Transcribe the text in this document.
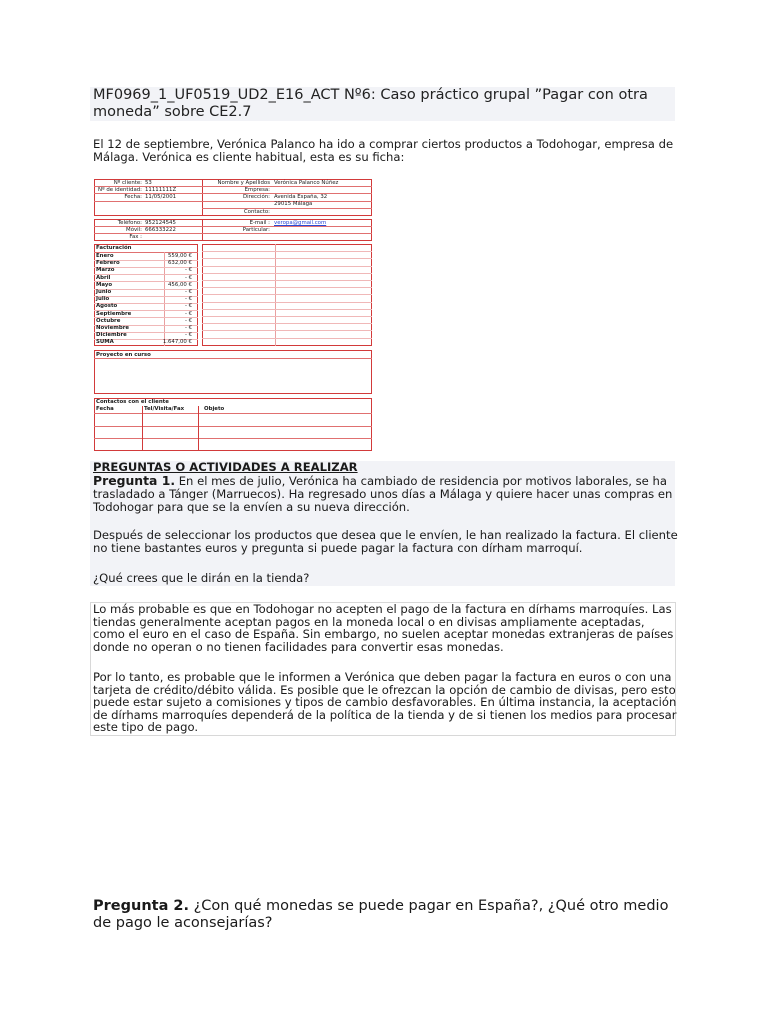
MF0969_1_UF0519_UD2_E16_ACT Nº6: Caso práctico grupal ”Pagar con otra moneda” sobre CE2.7

El 12 de septiembre, Verónica Palanco ha ido a comprar ciertos productos a Todohogar, empresa de Málaga. Verónica es cliente habitual, esta es su ficha:

Nº cliente: 53
Nº de identidad: 11111111Z
Fecha: 11/05/2001
Nombre y Apellidos Verónica Palanco Núñez
Empresa:
Dirección: Avenida España, 32
29015 Málaga
Contacto:
Teléfono: 952124545
Móvil: 666333222
Fax :
E-mail : veropa@gmail.com
Particular:
Facturación
Enero	559,00 €
Febrero	632,00 €
Marzo	- €
Abril	- €
Mayo	456,00 €
Junio	- €
Julio	- €
Agosto	- €
Septiembre	- €
Octubre	- €
Noviembre	- €
Diciembre	- €
SUMA	1.647,00 €
Proyecto en curso
Contactos con el cliente
Fecha	Tel/Visita/Fax	Objeto
PREGUNTAS O ACTIVIDADES A REALIZAR

Pregunta 1. En el mes de julio, Verónica ha cambiado de residencia por motivos laborales, se ha trasladado a Tánger (Marruecos). Ha regresado unos días a Málaga y quiere hacer unas compras en Todohogar para que se la envíen a su nueva dirección.

Después de seleccionar los productos que desea que le envíen, le han realizado la factura. El cliente no tiene bastantes euros y pregunta si puede pagar la factura con dírham marroquí.

¿Qué crees que le dirán en la tienda?

Lo más probable es que en Todohogar no acepten el pago de la factura en dírhams marroquíes. Las tiendas generalmente aceptan pagos en la moneda local o en divisas ampliamente aceptadas, como el euro en el caso de España. Sin embargo, no suelen aceptar monedas extranjeras de países donde no operan o no tienen facilidades para convertir esas monedas.

Por lo tanto, es probable que le informen a Verónica que deben pagar la factura en euros o con una tarjeta de crédito/débito válida. Es posible que le ofrezcan la opción de cambio de divisas, pero esto puede estar sujeto a comisiones y tipos de cambio desfavorables. En última instancia, la aceptación de dírhams marroquíes dependerá de la política de la tienda y de si tienen los medios para procesar este tipo de pago.

Pregunta 2. ¿Con qué monedas se puede pagar en España?, ¿Qué otro medio de pago le aconsejarías?
